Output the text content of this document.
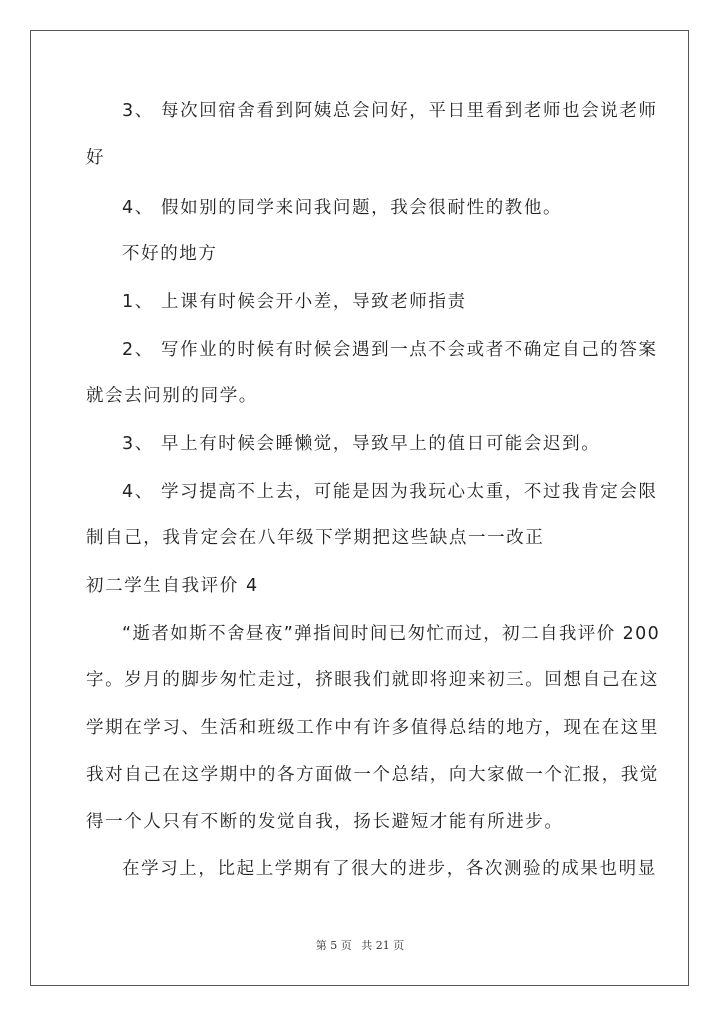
3、 每次回宿舍看到阿姨总会问好，平日里看到老师也会说老师
好
4、 假如别的同学来问我问题，我会很耐性的教他。
不好的地方
1、 上课有时候会开小差，导致老师指责
2、 写作业的时候有时候会遇到一点不会或者不确定自己的答案
就会去问别的同学。
3、 早上有时候会睡懒觉，导致早上的值日可能会迟到。
4、 学习提高不上去，可能是因为我玩心太重，不过我肯定会限
制自己，我肯定会在八年级下学期把这些缺点一一改正
初二学生自我评价 4
“逝者如斯不舍昼夜”弹指间时间已匆忙而过，初二自我评价 200
字。岁月的脚步匆忙走过，挤眼我们就即将迎来初三。回想自己在这
学期在学习、生活和班级工作中有许多值得总结的地方，现在在这里
我对自己在这学期中的各方面做一个总结，向大家做一个汇报，我觉
得一个人只有不断的发觉自我，扬长避短才能有所进步。
在学习上，比起上学期有了很大的进步，各次测验的成果也明显
第 5 页 共 21 页
